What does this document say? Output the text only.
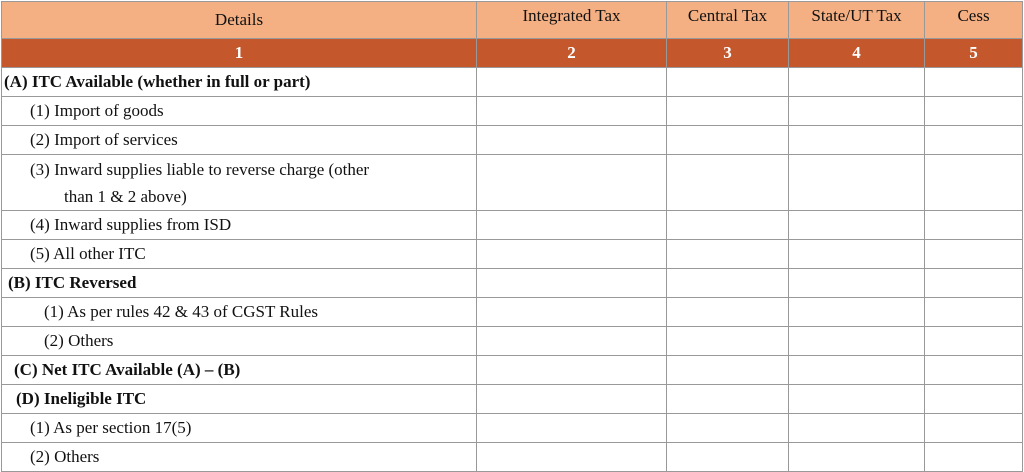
Details	Integrated Tax	Central Tax	State/UT Tax	Cess
1	2	3	4	5
(A) ITC Available (whether in full or part)				
(1) Import of goods				
(2) Import of services				
(3) Inward supplies liable to reverse charge (other
than 1 & 2 above)				
(4) Inward supplies from ISD				
(5) All other ITC				
(B) ITC Reversed				
(1) As per rules 42 & 43 of CGST Rules				
(2) Others				
(C) Net ITC Available (A) – (B)				
(D) Ineligible ITC				
(1) As per section 17(5)				
(2) Others				
